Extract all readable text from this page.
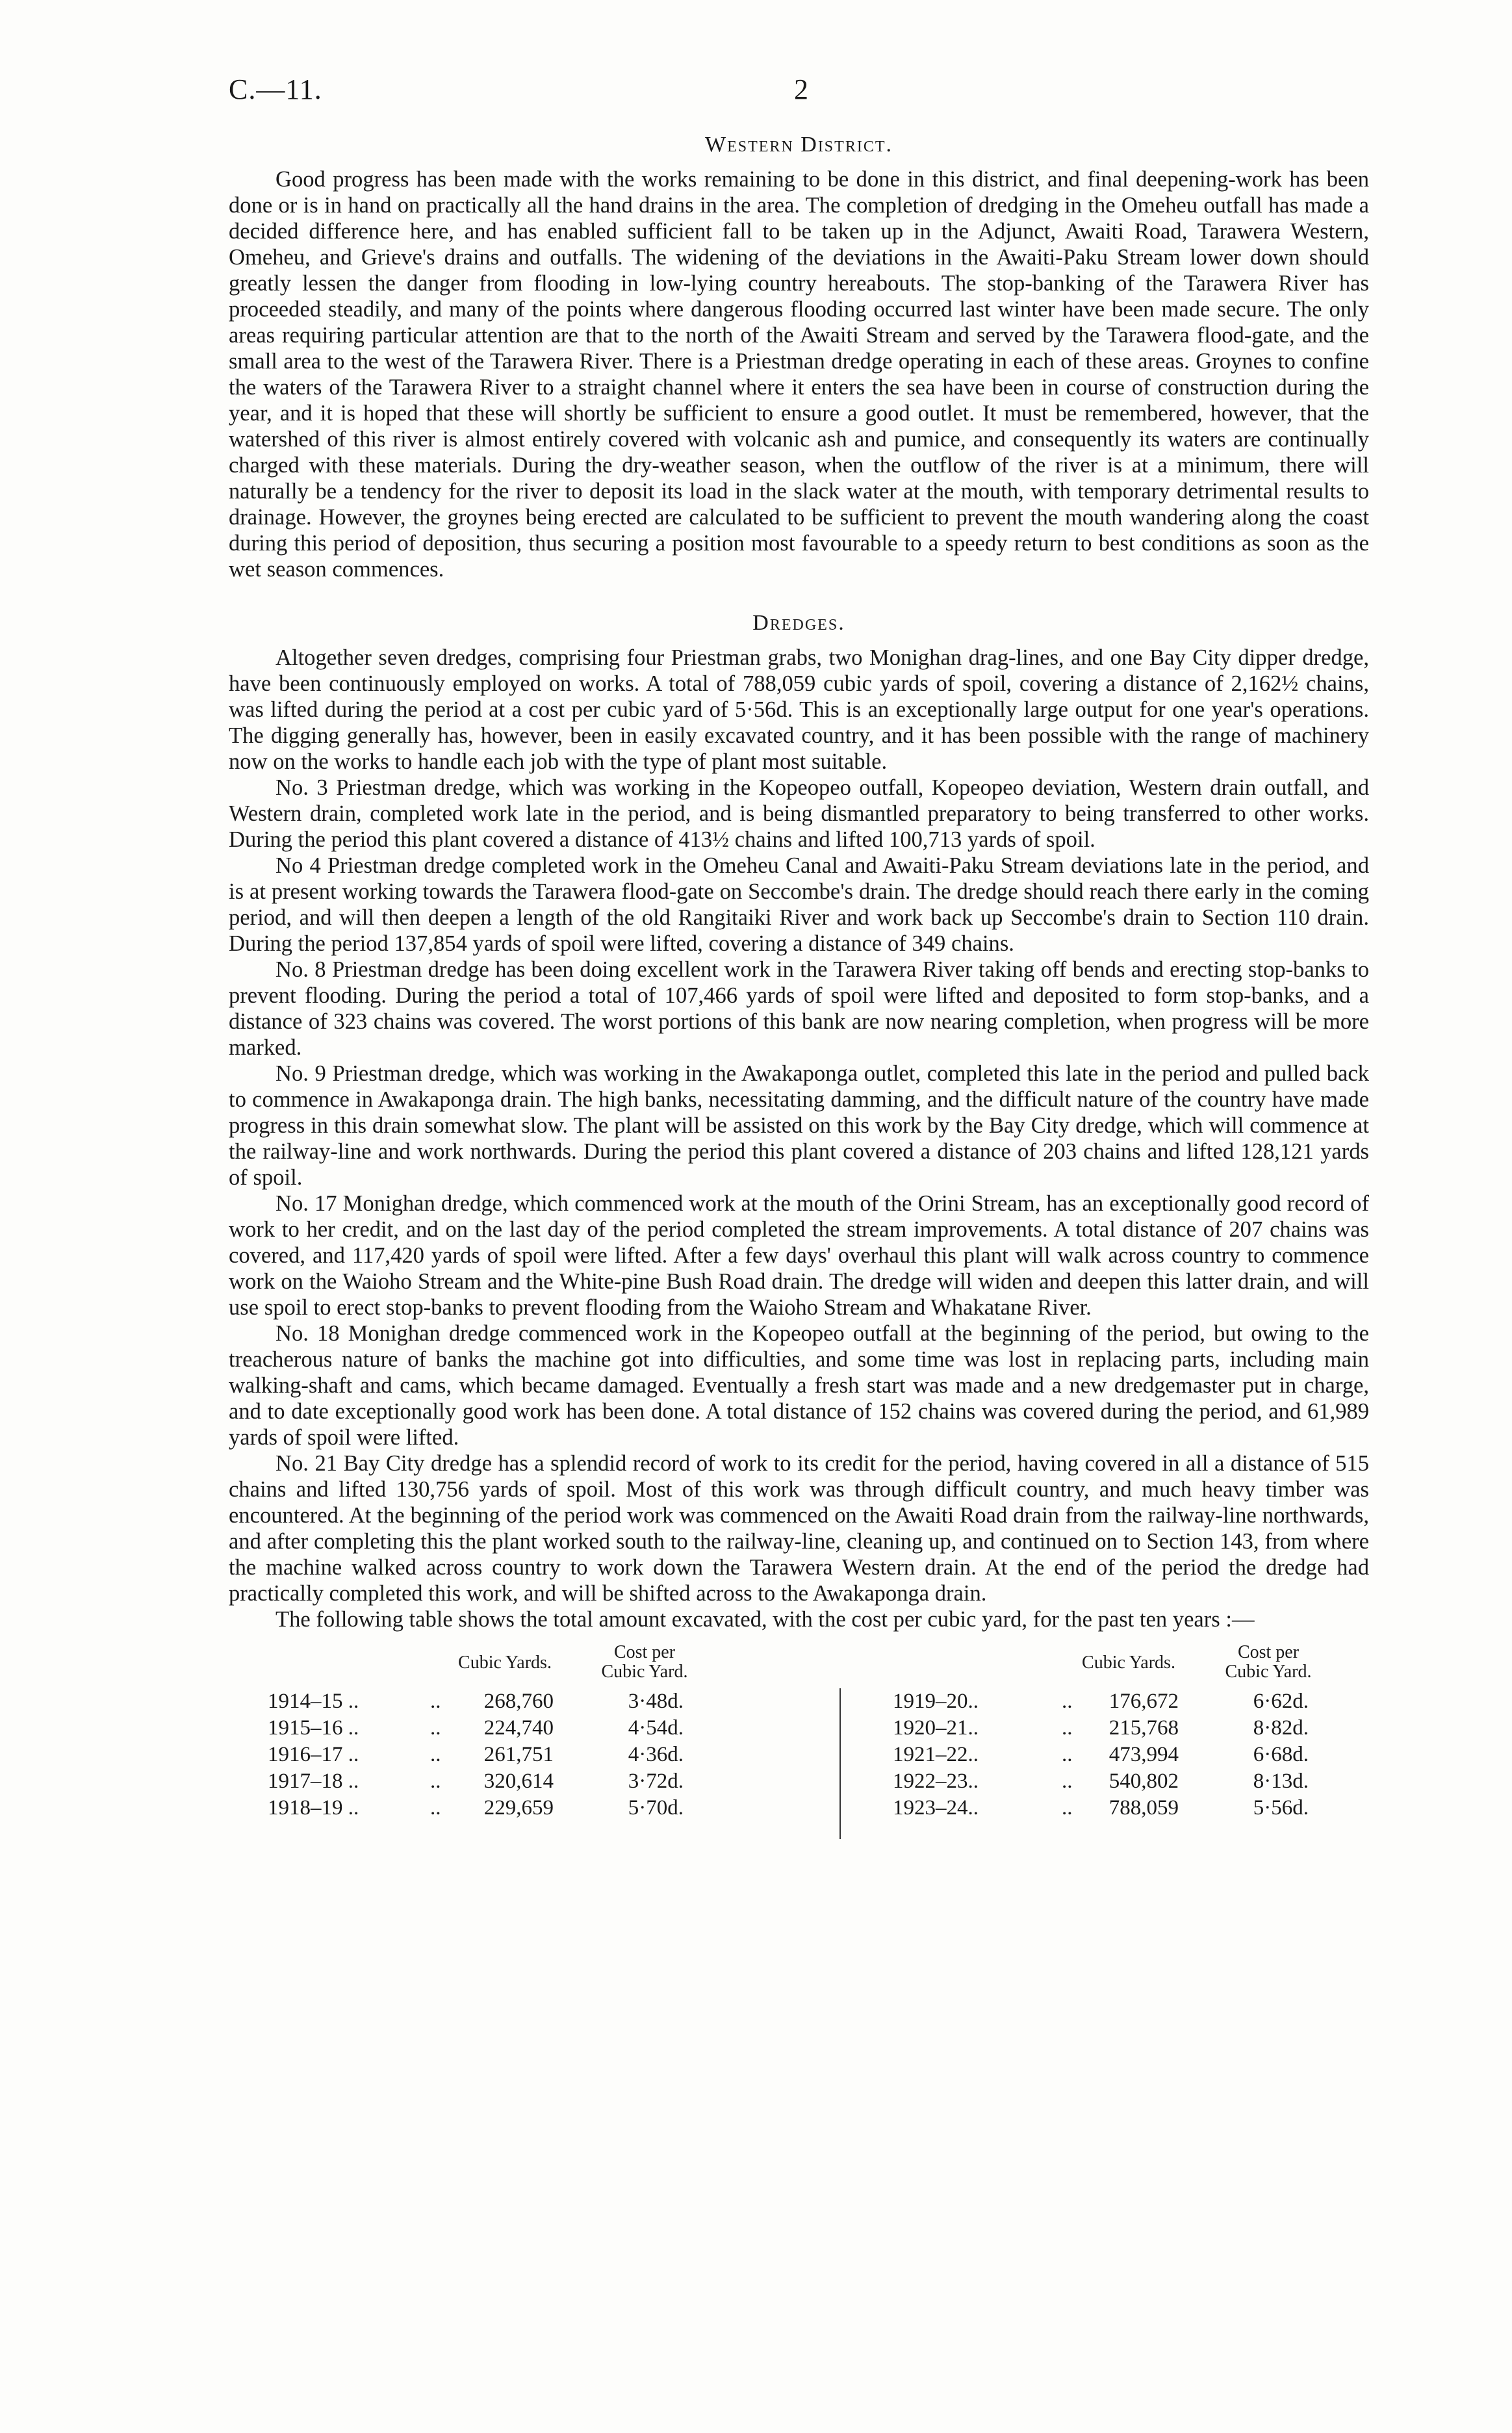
C.—11.	2
Western District.

Good progress has been made with the works remaining to be done in this district, and final deepening-work has been done or is in hand on practically all the hand drains in the area. The completion of dredging in the Omeheu outfall has made a decided difference here, and has enabled sufficient fall to be taken up in the Adjunct, Awaiti Road, Tarawera Western, Omeheu, and Grieve's drains and outfalls. The widening of the deviations in the Awaiti-Paku Stream lower down should greatly lessen the danger from flooding in low-lying country hereabouts. The stop-banking of the Tarawera River has proceeded steadily, and many of the points where dangerous flooding occurred last winter have been made secure. The only areas requiring particular attention are that to the north of the Awaiti Stream and served by the Tarawera flood-gate, and the small area to the west of the Tarawera River. There is a Priestman dredge operating in each of these areas. Groynes to confine the waters of the Tarawera River to a straight channel where it enters the sea have been in course of construction during the year, and it is hoped that these will shortly be sufficient to ensure a good outlet. It must be remembered, however, that the watershed of this river is almost entirely covered with volcanic ash and pumice, and consequently its waters are continually charged with these materials. During the dry-weather season, when the outflow of the river is at a minimum, there will naturally be a tendency for the river to deposit its load in the slack water at the mouth, with temporary detrimental results to drainage. However, the groynes being erected are calculated to be sufficient to prevent the mouth wandering along the coast during this period of deposition, thus securing a position most favourable to a speedy return to best conditions as soon as the wet season commences.

Dredges.

Altogether seven dredges, comprising four Priestman grabs, two Monighan drag-lines, and one Bay City dipper dredge, have been continuously employed on works. A total of 788,059 cubic yards of spoil, covering a distance of 2,162½ chains, was lifted during the period at a cost per cubic yard of 5·56d. This is an exceptionally large output for one year's operations. The digging generally has, however, been in easily excavated country, and it has been possible with the range of machinery now on the works to handle each job with the type of plant most suitable.

No. 3 Priestman dredge, which was working in the Kopeopeo outfall, Kopeopeo deviation, Western drain outfall, and Western drain, completed work late in the period, and is being dismantled preparatory to being transferred to other works. During the period this plant covered a distance of 413½ chains and lifted 100,713 yards of spoil.

No 4 Priestman dredge completed work in the Omeheu Canal and Awaiti-Paku Stream deviations late in the period, and is at present working towards the Tarawera flood-gate on Seccombe's drain. The dredge should reach there early in the coming period, and will then deepen a length of the old Rangitaiki River and work back up Seccombe's drain to Section 110 drain. During the period 137,854 yards of spoil were lifted, covering a distance of 349 chains.

No. 8 Priestman dredge has been doing excellent work in the Tarawera River taking off bends and erecting stop-banks to prevent flooding. During the period a total of 107,466 yards of spoil were lifted and deposited to form stop-banks, and a distance of 323 chains was covered. The worst portions of this bank are now nearing completion, when progress will be more marked.

No. 9 Priestman dredge, which was working in the Awakaponga outlet, completed this late in the period and pulled back to commence in Awakaponga drain. The high banks, necessitating damming, and the difficult nature of the country have made progress in this drain somewhat slow. The plant will be assisted on this work by the Bay City dredge, which will commence at the railway-line and work northwards. During the period this plant covered a distance of 203 chains and lifted 128,121 yards of spoil.

No. 17 Monighan dredge, which commenced work at the mouth of the Orini Stream, has an exceptionally good record of work to her credit, and on the last day of the period completed the stream improvements. A total distance of 207 chains was covered, and 117,420 yards of spoil were lifted. After a few days' overhaul this plant will walk across country to commence work on the Waioho Stream and the White-pine Bush Road drain. The dredge will widen and deepen this latter drain, and will use spoil to erect stop-banks to prevent flooding from the Waioho Stream and Whakatane River.

No. 18 Monighan dredge commenced work in the Kopeopeo outfall at the beginning of the period, but owing to the treacherous nature of banks the machine got into difficulties, and some time was lost in replacing parts, including main walking-shaft and cams, which became damaged. Eventually a fresh start was made and a new dredgemaster put in charge, and to date exceptionally good work has been done. A total distance of 152 chains was covered during the period, and 61,989 yards of spoil were lifted.

No. 21 Bay City dredge has a splendid record of work to its credit for the period, having covered in all a distance of 515 chains and lifted 130,756 yards of spoil. Most of this work was through difficult country, and much heavy timber was encountered. At the beginning of the period work was commenced on the Awaiti Road drain from the railway-line northwards, and after completing this the plant worked south to the railway-line, cleaning up, and continued on to Section 143, from where the machine walked across country to work down the Tarawera Western drain. At the end of the period the dredge had practically completed this work, and will be shifted across to the Awakaponga drain.

The following table shows the total amount excavated, with the cost per cubic yard, for the past ten years :—

Cubic Yards.
Cost per Cubic Yard.
1914–15 ..	..	268,760	3·48d.
1915–16 ..	..	224,740	4·54d.
1916–17 ..	..	261,751	4·36d.
1917–18 ..	..	320,614	3·72d.
1918–19 ..	..	229,659	5·70d.
Cubic Yards.
Cost per Cubic Yard.
1919–20..	..	176,672	6·62d.
1920–21..	..	215,768	8·82d.
1921–22..	..	473,994	6·68d.
1922–23..	..	540,802	8·13d.
1923–24..	..	788,059	5·56d.
